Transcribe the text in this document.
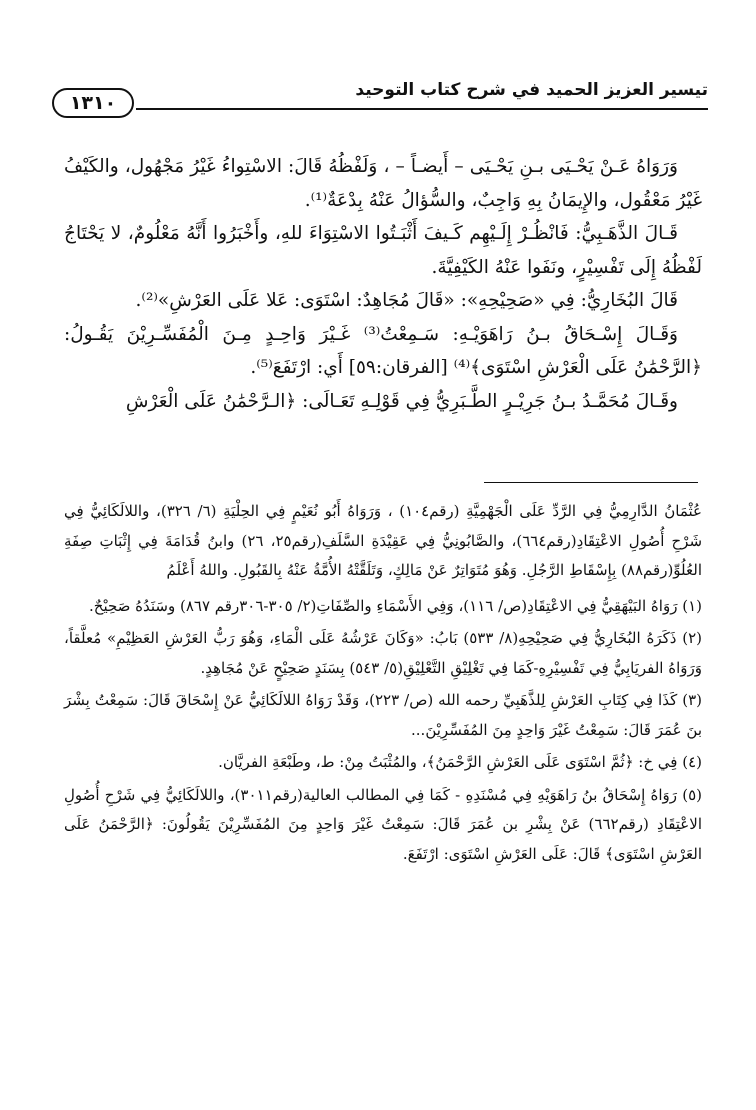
تيسير العزيز الحميد في شرح كتاب التوحيد
١٣١٠

وَرَوَاهُ عَـنْ يَحْـيَى بـنِ يَحْـيَى – أَيضـاً – ، وَلَفْظُهُ قَالَ: الاسْتِواءُ غَيْرُ مَجْهُول، والكَيْفُ غَيْرُ مَعْقُول، والإِيمَانُ بِهِ وَاجِبٌ، والسُّؤالُ عَنْهُ بِدْعَةٌ⁽¹⁾.

قَـالَ الذَّهَـبِيُّ: فَانْظُـرْ إِلَـيْهِم كَـيفَ أَثْبَـتُوا الاسْتِوَاءَ للهِ، وأَخْبَرُوا أَنَّهُ مَعْلُومٌ، لا يَحْتَاجُ لَفْظُهُ إِلَى تَفْسِيْرٍ، ونَفَوا عَنْهُ الكَيْفِيَّةَ.

قَالَ البُخَارِيُّ: فِي «صَحِيْحِهِ»: «قَالَ مُجَاهِدٌ: اسْتَوَى: عَلا عَلَى العَرْشِ»⁽²⁾.

وَقَـالَ إِسْـحَاقُ بـنُ رَاهَوَيْـهِ: سَـمِعْتُ⁽³⁾ غَـيْرَ وَاحِـدٍ مِـنَ الْمُفَسِّـرِيْنَ يَقُـولُ: ﴿الرَّحْمَٰنُ عَلَى الْعَرْشِ اسْتَوَى﴾⁽⁴⁾ [الفرقان:٥٩] أَي: ارْتَفَعَ⁽⁵⁾.

وقَـالَ مُحَمَّـدُ بـنُ جَرِيْـرٍ الطَّـبَرِيُّ فِي قَوْلِـهِ تَعَـالَى: ﴿الـرَّحْمَٰنُ عَلَى الْعَرْشِ

عُثْمَانُ الدَّارِمِيُّ فِي الرَّدِّ عَلَى الْجَهْمِيَّةِ (رقم١٠٤) ، وَرَوَاهُ أَبُو نُعَيْمٍ فِي الحِلْيَةِ (٦/ ٣٢٦)، واللالَكَائِيُّ فِي شَرْحِ أُصُولِ الاعْتِقَادِ(رقم٦٦٤)، والصَّابُونِيُّ فِي عَقِيْدَةِ السَّلَفِ(رقم٢٥، ٢٦) وابنُ قُدَامَةَ فِي إِثْبَاتِ صِفَةِ العُلُوِّ(رقم٨٨) بِإِسْقَاطِ الرَّجُلِ. وَهُوَ مُتَوَاتِرٌ عَنْ مَالِكٍ، وَتَلَقَّتْهُ الأُمَّةُ عَنْهُ بِالقَبُولِ. واللهُ أَعْلَمُ

(١) رَوَاهُ البَيْهَقِيُّ فِي الاعْتِقَادِ(ص/ ١١٦)، وَفِي الأَسْمَاءِ والصِّفَاتِ(٢/ ٣٠٥-٣٠٦رقم ٨٦٧) وسَنَدُهُ صَحِيْحٌ.

(٢) ذَكَرَهُ البُخَارِيُّ فِي صَحِيْحِهِ(٨/ ٥٣٣) بَابُ: «وَكَانَ عَرْشُهُ عَلَى الْمَاءِ، وَهُوَ رَبُّ العَرْشِ العَظِيْمِ» مُعلَّقاً، وَرَوَاهُ الفريَابِيُّ فِي تَفْسِيْرِهِ-كَمَا فِي تَغْلِيْقِ التَّعْلِيْقِ(٥/ ٥٤٣) بِسَنَدٍ صَحِيْحٍ عَنْ مُجَاهِدٍ.

(٣) كَذَا فِي كِتَابِ العَرْشِ لِلذَّهَبِيِّ رحمه الله (ص/ ٢٢٣)، وَقَدْ رَوَاهُ اللالَكَائِيُّ عَنْ إِسْحَاقَ قَالَ: سَمِعْتُ بِشْرَ بنَ عُمَرَ قَالَ: سَمِعْتُ غَيْرَ وَاحِدٍ مِنَ المُفَسِّرِيْنَ...

(٤) فِي خ: ﴿ثُمَّ اسْتَوَى عَلَى العَرْشِ الرَّحْمَنُ﴾، والمُثْبَتُ مِنْ: ط، وطَبْعَةِ الفريَّان.

(٥) رَوَاهُ إِسْحَاقُ بنُ رَاهَوَيْهِ فِي مُسْنَدِهِ - كَمَا فِي المطالب العالية(رقم٣٠١١)، واللالَكَائِيُّ فِي شَرْحِ أُصُولِ الاعْتِقَادِ (رقم٦٦٢) عَنْ بِشْرِ بن عُمَرَ قَالَ: سَمِعْتُ غَيْرَ وَاحِدٍ مِنَ المُفَسِّرِيْنَ يَقُولُونَ: ﴿الرَّحْمَنُ عَلَى العَرْشِ اسْتَوَى﴾ قَالَ: عَلَى العَرْشِ اسْتَوَى: ارْتَفَعَ.
